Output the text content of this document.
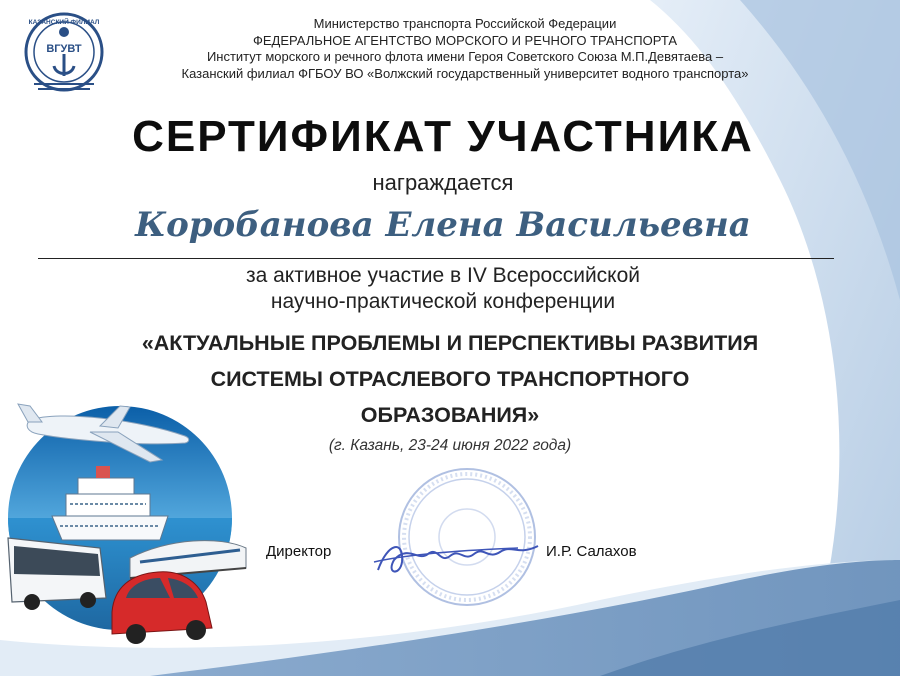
КАЗАНСКИЙ ФИЛИАЛ
ВГУВТ
Министерство транспорта Российской Федерации
ФЕДЕРАЛЬНОЕ АГЕНТСТВО МОРСКОГО И РЕЧНОГО ТРАНСПОРТА
Институт морского и речного флота имени Героя Советского Союза М.П.Девятаева –
Казанский филиал ФГБОУ ВО «Волжский государственный университет водного транспорта»
СЕРТИФИКАТ УЧАСТНИКА
награждается
Коробанова Елена Васильевна
за активное участие в IV Всероссийской
научно-практической конференции
«АКТУАЛЬНЫЕ ПРОБЛЕМЫ И ПЕРСПЕКТИВЫ РАЗВИТИЯ
СИСТЕМЫ ОТРАСЛЕВОГО ТРАНСПОРТНОГО
ОБРАЗОВАНИЯ»
(г. Казань, 23-24 июня 2022 года)
Директор	И.Р. Салахов
